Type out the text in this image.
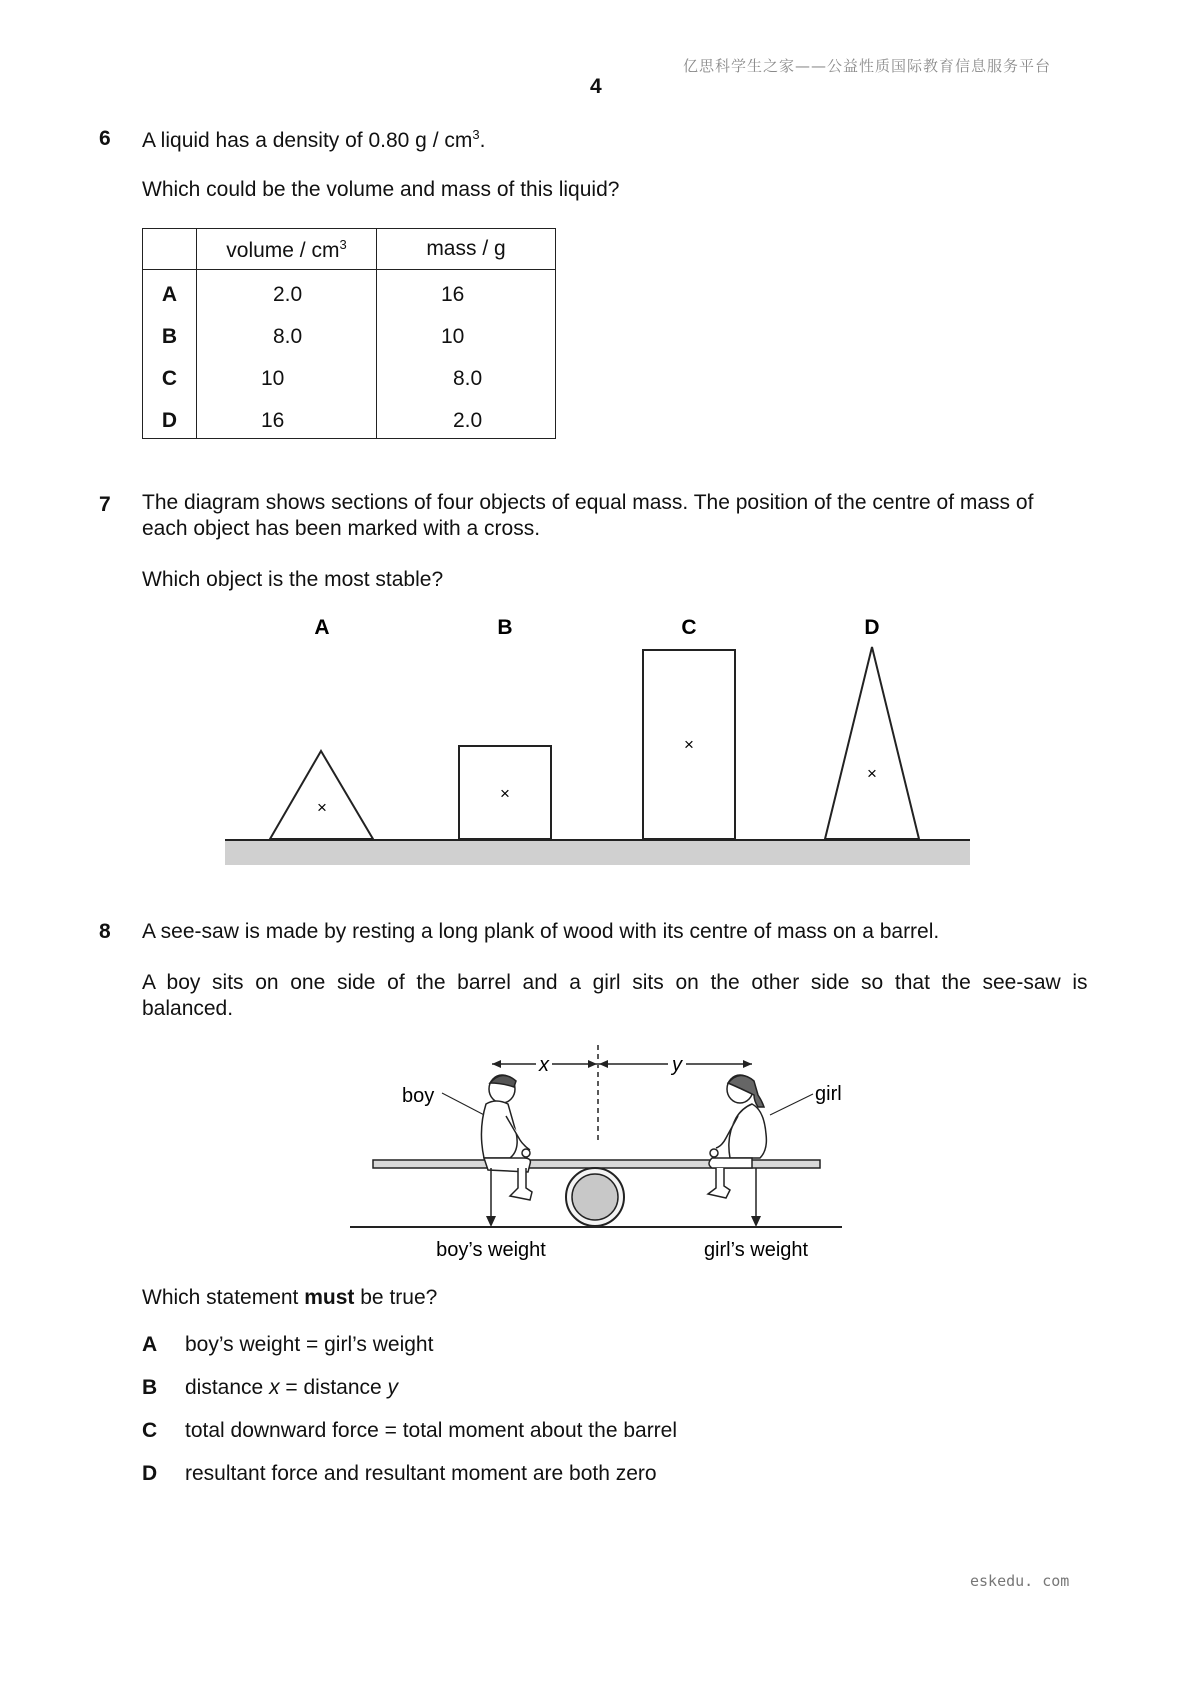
亿思科学生之家——公益性质国际教育信息服务平台
4
6 A liquid has a density of 0.80 g / $cm^3$.
Which could be the volume and mass of this liquid?
volume / $cm^3$	mass / g
A	2.0	16
B	8.0	10
C	10	8.0
D	16	2.0
7 The diagram shows sections of four objects of equal mass. The position of the centre of mass of
each object has been marked with a cross.
Which object is the most stable?
A	B	C	D
×
×
×
×
8 A see-saw is made by resting a long plank of wood with its centre of mass on a barrel.
A  boy  sits  on  one  side  of  the  barrel  and  a  girl  sits  on  the  other  side  so  that  the  see-saw  is
balanced.
x	y
boy	girl
boy’s weight	girl’s weight
Which statement must be true?
A boy’s weight = girl’s weight
B distance x = distance y
C total downward force = total moment about the barrel
D resultant force and resultant moment are both zero
eskedu. com
